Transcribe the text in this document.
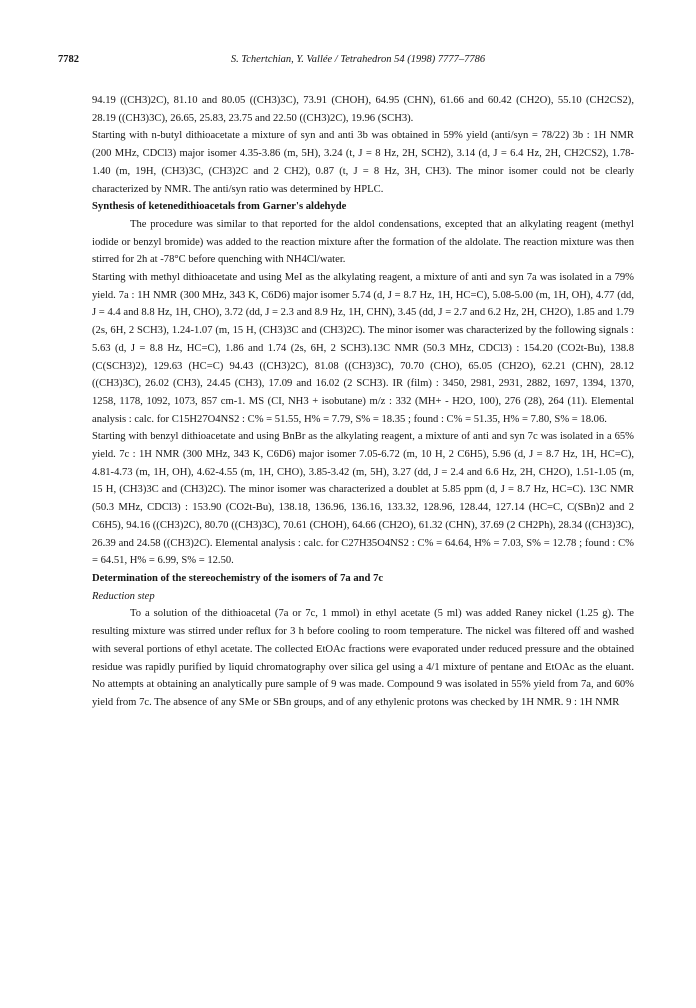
7782	S. Tchertchian, Y. Vallée / Tetrahedron 54 (1998) 7777–7786

94.19 ((CH3)2C), 81.10 and 80.05 ((CH3)3C), 73.91 (CHOH), 64.95 (CHN), 61.66 and 60.42 (CH2O), 55.10 (CH2CS2), 28.19 ((CH3)3C), 26.65, 25.83, 23.75 and 22.50 ((CH3)2C), 19.96 (SCH3).

Starting with n-butyl dithioacetate a mixture of syn and anti 3b was obtained in 59% yield (anti/syn = 78/22) 3b : 1H NMR (200 MHz, CDCl3) major isomer 4.35-3.86 (m, 5H), 3.24 (t, J = 8 Hz, 2H, SCH2), 3.14 (d, J = 6.4 Hz, 2H, CH2CS2), 1.78-1.40 (m, 19H, (CH3)3C, (CH3)2C and 2 CH2), 0.87 (t, J = 8 Hz, 3H, CH3). The minor isomer could not be clearly characterized by NMR. The anti/syn ratio was determined by HPLC.

Synthesis of ketenedithioacetals from Garner's aldehyde

The procedure was similar to that reported for the aldol condensations, excepted that an alkylating reagent (methyl iodide or benzyl bromide) was added to the reaction mixture after the formation of the aldolate. The reaction mixture was then stirred for 2h at -78°C before quenching with NH4Cl/water.

Starting with methyl dithioacetate and using MeI as the alkylating reagent, a mixture of anti and syn 7a was isolated in a 79% yield. 7a : 1H NMR (300 MHz, 343 K, C6D6) major isomer 5.74 (d, J = 8.7 Hz, 1H, HC=C), 5.08-5.00 (m, 1H, OH), 4.77 (dd, J = 4.4 and 8.8 Hz, 1H, CHO), 3.72 (dd, J = 2.3 and 8.9 Hz, 1H, CHN), 3.45 (dd, J = 2.7 and 6.2 Hz, 2H, CH2O), 1.85 and 1.79 (2s, 6H, 2 SCH3), 1.24-1.07 (m, 15 H, (CH3)3C and (CH3)2C). The minor isomer was characterized by the following signals : 5.63 (d, J = 8.8 Hz, HC=C), 1.86 and 1.74 (2s, 6H, 2 SCH3).13C NMR (50.3 MHz, CDCl3) : 154.20 (CO2t-Bu), 138.8 (C(SCH3)2), 129.63 (HC=C) 94.43 ((CH3)2C), 81.08 ((CH3)3C), 70.70 (CHO), 65.05 (CH2O), 62.21 (CHN), 28.12 ((CH3)3C), 26.02 (CH3), 24.45 (CH3), 17.09 and 16.02 (2 SCH3). IR (film) : 3450, 2981, 2931, 2882, 1697, 1394, 1370, 1258, 1178, 1092, 1073, 857 cm-1. MS (CI, NH3 + isobutane) m/z : 332 (MH+ - H2O, 100), 276 (28), 264 (11). Elemental analysis : calc. for C15H27O4NS2 : C% = 51.55, H% = 7.79, S% = 18.35 ; found : C% = 51.35, H% = 7.80, S% = 18.06.

Starting with benzyl dithioacetate and using BnBr as the alkylating reagent, a mixture of anti and syn 7c was isolated in a 65% yield. 7c : 1H NMR (300 MHz, 343 K, C6D6) major isomer 7.05-6.72 (m, 10 H, 2 C6H5), 5.96 (d, J = 8.7 Hz, 1H, HC=C), 4.81-4.73 (m, 1H, OH), 4.62-4.55 (m, 1H, CHO), 3.85-3.42 (m, 5H), 3.27 (dd, J = 2.4 and 6.6 Hz, 2H, CH2O), 1.51-1.05 (m, 15 H, (CH3)3C and (CH3)2C). The minor isomer was characterized a doublet at 5.85 ppm (d, J = 8.7 Hz, HC=C). 13C NMR (50.3 MHz, CDCl3) : 153.90 (CO2t-Bu), 138.18, 136.96, 136.16, 133.32, 128.96, 128.44, 127.14 (HC=C, C(SBn)2 and 2 C6H5), 94.16 ((CH3)2C), 80.70 ((CH3)3C), 70.61 (CHOH), 64.66 (CH2O), 61.32 (CHN), 37.69 (2 CH2Ph), 28.34 ((CH3)3C), 26.39 and 24.58 ((CH3)2C). Elemental analysis : calc. for C27H35O4NS2 : C% = 64.64, H% = 7.03, S% = 12.78 ; found : C% = 64.51, H% = 6.99, S% = 12.50.

Determination of the stereochemistry of the isomers of 7a and 7c

Reduction step

To a solution of the dithioacetal (7a or 7c, 1 mmol) in ethyl acetate (5 ml) was added Raney nickel (1.25 g). The resulting mixture was stirred under reflux for 3 h before cooling to room temperature. The nickel was filtered off and washed with several portions of ethyl acetate. The collected EtOAc fractions were evaporated under reduced pressure and the obtained residue was rapidly purified by liquid chromatography over silica gel using a 4/1 mixture of pentane and EtOAc as the eluant. No attempts at obtaining an analytically pure sample of 9 was made. Compound 9 was isolated in 55% yield from 7a, and 60% yield from 7c. The absence of any SMe or SBn groups, and of any ethylenic protons was checked by 1H NMR. 9 : 1H NMR
